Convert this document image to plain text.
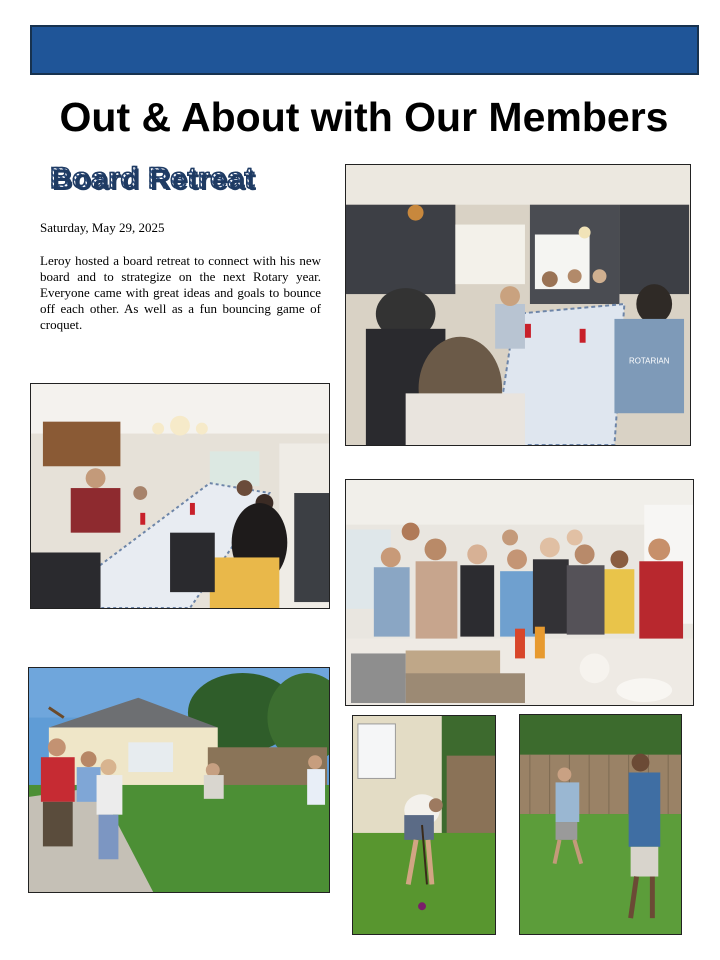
Out & About with Our Members
Board Retreat
Saturday, May 29, 2025

Leroy hosted a board retreat to connect with his new board and to strategize on the next Rotary year. Everyone came with great ideas and goals to bounce off each other. As well as a fun bouncing game of croquet.

ROTARIAN
